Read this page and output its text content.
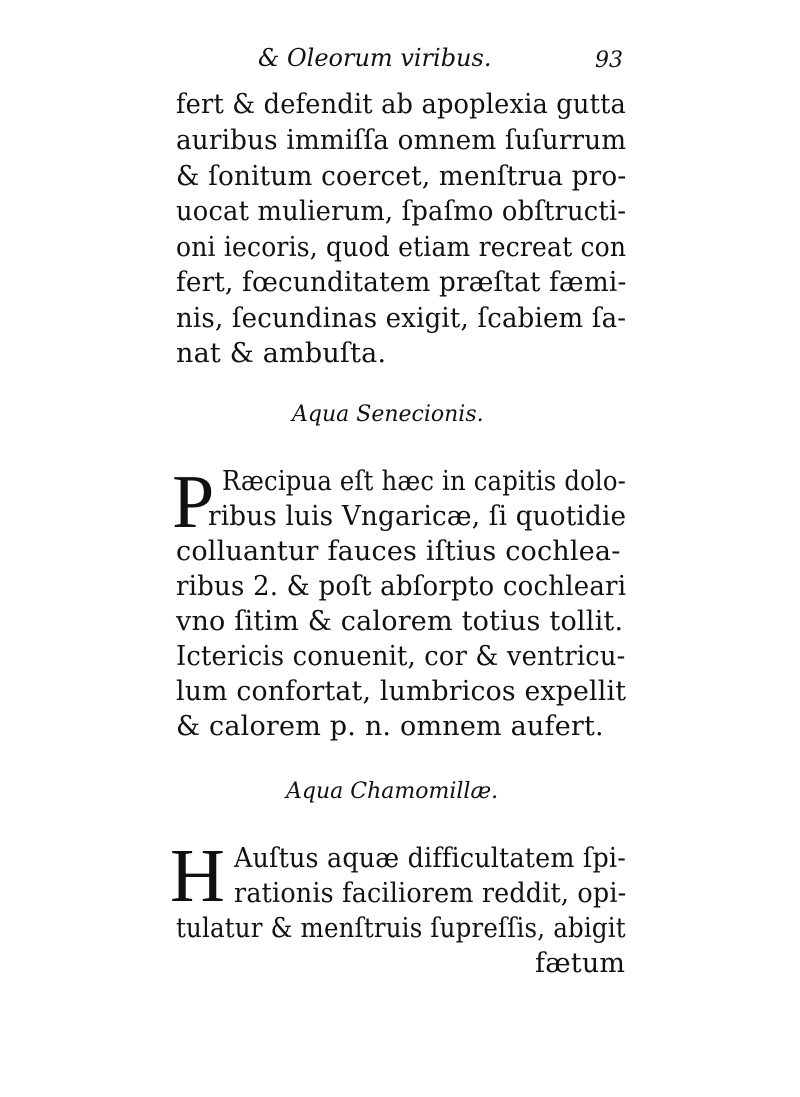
& Oleorum viribus.	93
fert & defendit ab apoplexia gutta
auribus immiſſa omnem ſuſurrum
& ſonitum coercet, menſtrua pro-
uocat mulierum, ſpaſmo obſtructi-
oni iecoris, quod etiam recreat con
fert, fœcunditatem præſtat fæmi-
nis, ſecundinas exigit, ſcabiem ſa-
nat & ambuſta.
Aqua Senecionis.
P Ræcipua eſt hæc in capitis dolo-
ribus luis Vngaricæ, ſi quotidie
colluantur fauces iſtius cochlea-
ribus 2. & poſt abſorpto cochleari
vno ſitim & calorem totius tollit.
Ictericis conuenit, cor & ventricu-
lum confortat, lumbricos expellit
& calorem p. n. omnem aufert.
Aqua Chamomillæ.
H Auſtus aquæ difficultatem ſpi-
rationis faciliorem reddit, opi-
tulatur & menſtruis ſupreſſis, abigit
fætum
